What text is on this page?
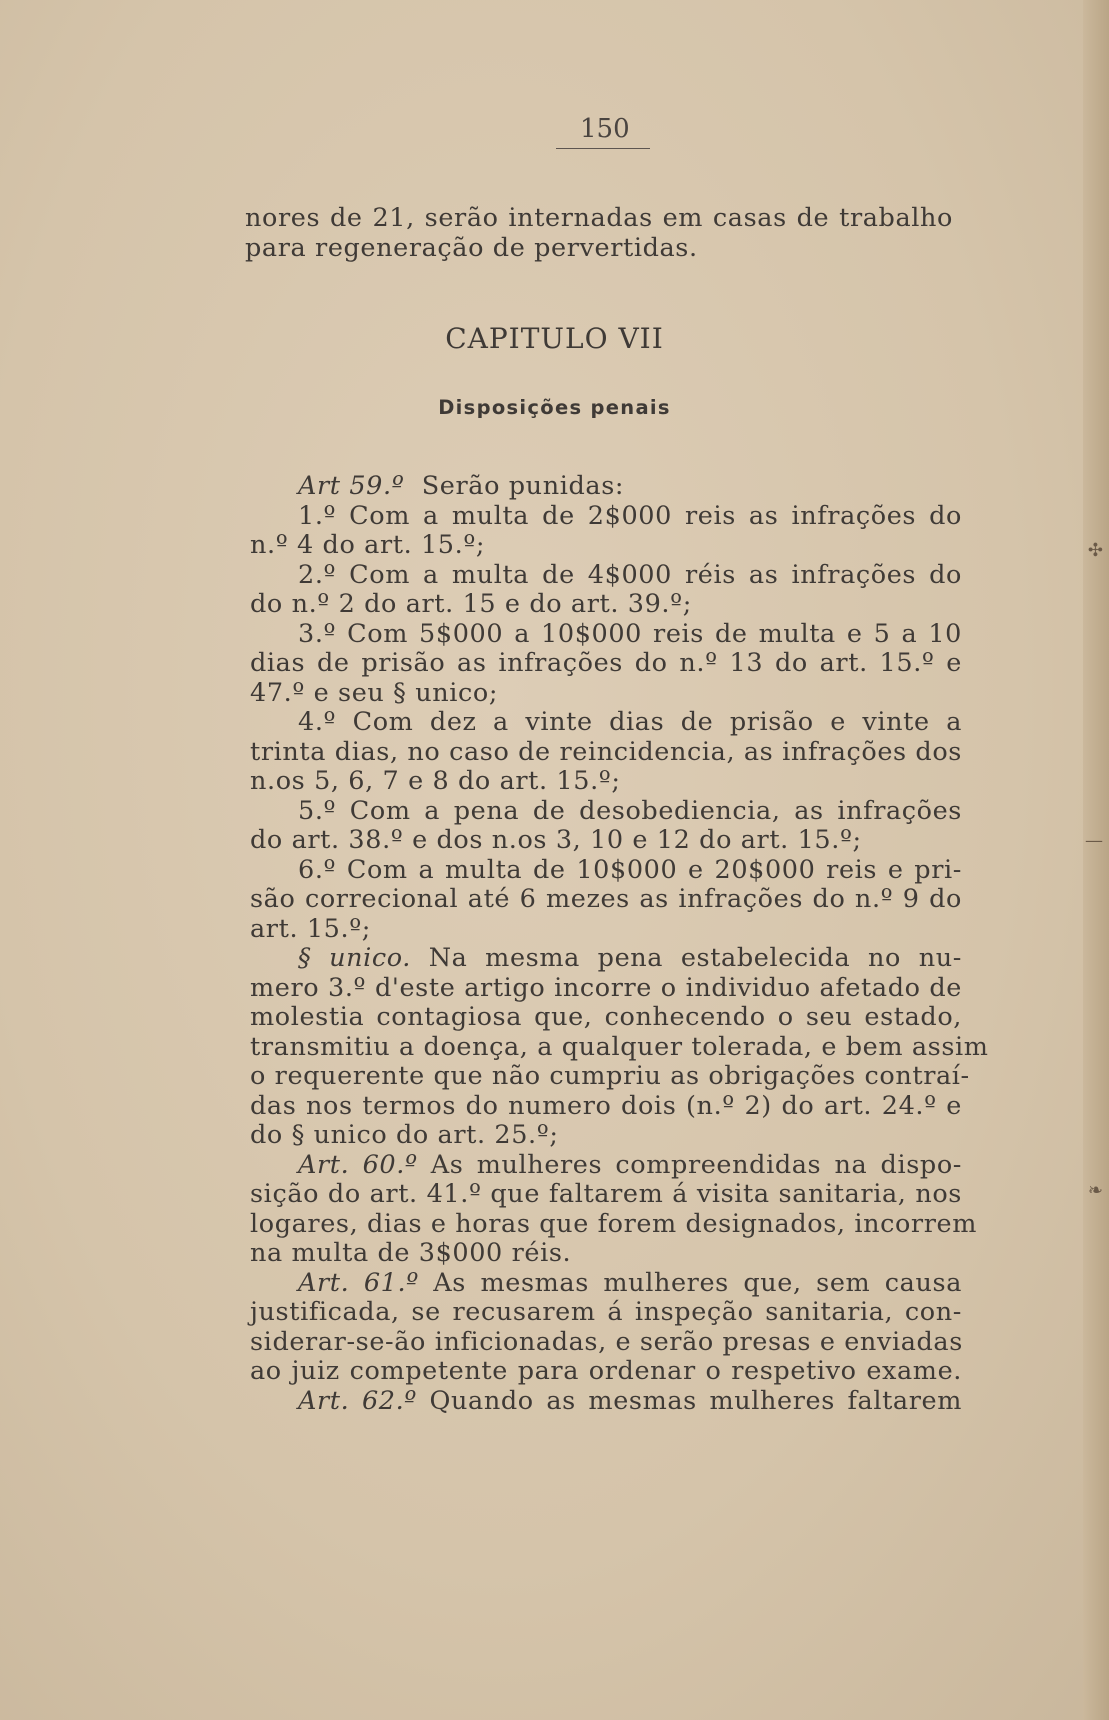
✣
—
❧
150
nores de 21, serão internadas em casas de trabalho
para regeneração de pervertidas.
CAPITULO VII
Disposições penais
Art 59.º Serão punidas:
1.º Com a multa de 2$000 reis as infrações do
n.º 4 do art. 15.º;
2.º Com a multa de 4$000 réis as infrações do
do n.º 2 do art. 15 e do art. 39.º;
3.º Com 5$000 a 10$000 reis de multa e 5 a 10
dias de prisão as infrações do n.º 13 do art. 15.º e
47.º e seu § unico;
4.º Com dez a vinte dias de prisão e vinte a
trinta dias, no caso de reincidencia, as infrações dos
n.os 5, 6, 7 e 8 do art. 15.º;
5.º Com a pena de desobediencia, as infrações
do art. 38.º e dos n.os 3, 10 e 12 do art. 15.º;
6.º Com a multa de 10$000 e 20$000 reis e pri-
são correcional até 6 mezes as infrações do n.º 9 do
art. 15.º;
§ unico. Na mesma pena estabelecida no nu-
mero 3.º d'este artigo incorre o individuo afetado de
molestia contagiosa que, conhecendo o seu estado,
transmitiu a doença, a qualquer tolerada, e bem assim
o requerente que não cumpriu as obrigações contraí-
das nos termos do numero dois (n.º 2) do art. 24.º e
do § unico do art. 25.º;
Art. 60.º As mulheres compreendidas na dispo-
sição do art. 41.º que faltarem á visita sanitaria, nos
logares, dias e horas que forem designados, incorrem
na multa de 3$000 réis.
Art. 61.º As mesmas mulheres que, sem causa
justificada, se recusarem á inspeção sanitaria, con-
siderar-se-ão inficionadas, e serão presas e enviadas
ao juiz competente para ordenar o respetivo exame.
Art. 62.º Quando as mesmas mulheres faltarem
